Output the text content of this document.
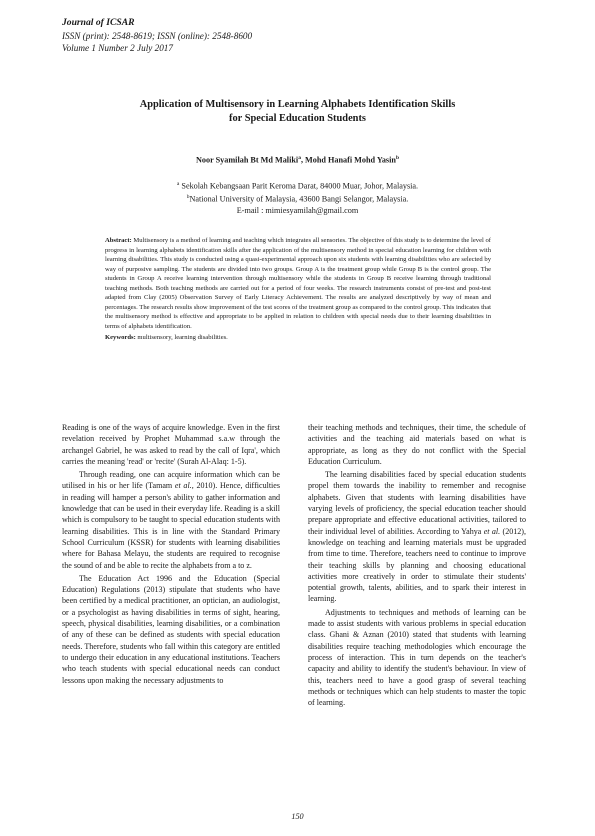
Journal of ICSAR
ISSN (print): 2548-8619; ISSN (online): 2548-8600
Volume 1 Number 2 July 2017
Application of Multisensory in Learning Alphabets Identification Skills
for Special Education Students
Noor Syamilah Bt Md Maliki$^a$, Mohd Hanafi Mohd Yasin$^b$
$^a$ Sekolah Kebangsaan Parit Keroma Darat, 84000 Muar, Johor, Malaysia.
$^b$National University of Malaysia, 43600 Bangi Selangor, Malaysia.
E-mail : mimiesyamilah@gmail.com
Abstract: Multisensory is a method of learning and teaching which integrates all sensories. The objective of this study is to determine the level of progress in learning alphabets identification skills after the application of the multisensory method in special education learning for children with learning disabilities. This study is conducted using a quasi-experimental approach upon six students with learning disabilities who are selected by way of purposive sampling. The students are divided into two groups. Group A is the treatment group while Group B is the control group. The students in Group A receive learning intervention through multisensory while the students in Group B receive learning through traditional teaching methods. Both teaching methods are carried out for a period of four weeks. The research instruments consist of pre-test and post-test adapted from Clay (2005) Observation Survey of Early Literacy Achievement. The results are analyzed descriptively by way of mean and percentages. The research results show improvement of the test scores of the treatment group as compared to the control group. This indicates that the multisensory method is effective and appropriate to be applied in relation to children with special needs due to their learning disabilities in terms of alphabets identification.
Keywords: multisensory, learning disabilities.

Reading is one of the ways of acquire knowledge. Even in the first revelation received by Prophet Muhammad s.a.w through the archangel Gabriel, he was asked to read by the call of Iqra', which carries the meaning 'read' or 'recite' (Surah Al-Alaq: 1-5).

Through reading, one can acquire information which can be utilised in his or her life (Tamam et al., 2010). Hence, difficulties in reading will hamper a person's ability to gather information and knowledge that can be used in their everyday life. Reading is a skill which is compulsory to be taught to special education students with learning disabilities. This is in line with the Standard Primary School Curriculum (KSSR) for students with learning disabilities where for Bahasa Melayu, the students are required to recognise the sound of and be able to recite the alphabets from a to z.

The Education Act 1996 and the Education (Special Education) Regulations (2013) stipulate that students who have been certified by a medical practitioner, an optician, an audiologist, or a psychologist as having disabilities in terms of sight, hearing, speech, physical disabilities, learning disabilities, or a combination of any of these can be defined as students with special education needs. Therefore, students who fall within this category are entitled to undergo their education in any educational institutions. Teachers who teach students with special educational needs can conduct lessons upon making the necessary adjustments to

their teaching methods and techniques, their time, the schedule of activities and the teaching aid materials based on what is appropriate, as long as they do not conflict with the Special Education Curriculum.

The learning disabilities faced by special education students propel them towards the inability to remember and recognise alphabets. Given that students with learning disabilities have varying levels of proficiency, the special education teacher should prepare appropriate and effective educational activities, tailored to their individual level of abilities. According to Yahya et al. (2012), knowledge on teaching and learning materials must be upgraded from time to time. Therefore, teachers need to continue to improve their teaching skills by planning and choosing educational activities more creatively in order to stimulate their students' potential growth, talents, abilities, and to spark their interest in learning.

Adjustments to techniques and methods of learning can be made to assist students with various problems in special education class. Ghani & Aznan (2010) stated that students with learning disabilities require teaching methodologies which encourage the process of interaction. This in turn depends on the teacher's capacity and ability to identify the student's behaviour. In view of this, teachers need to have a good grasp of several teaching methods or techniques which can help students to master the topic of learning.

150
